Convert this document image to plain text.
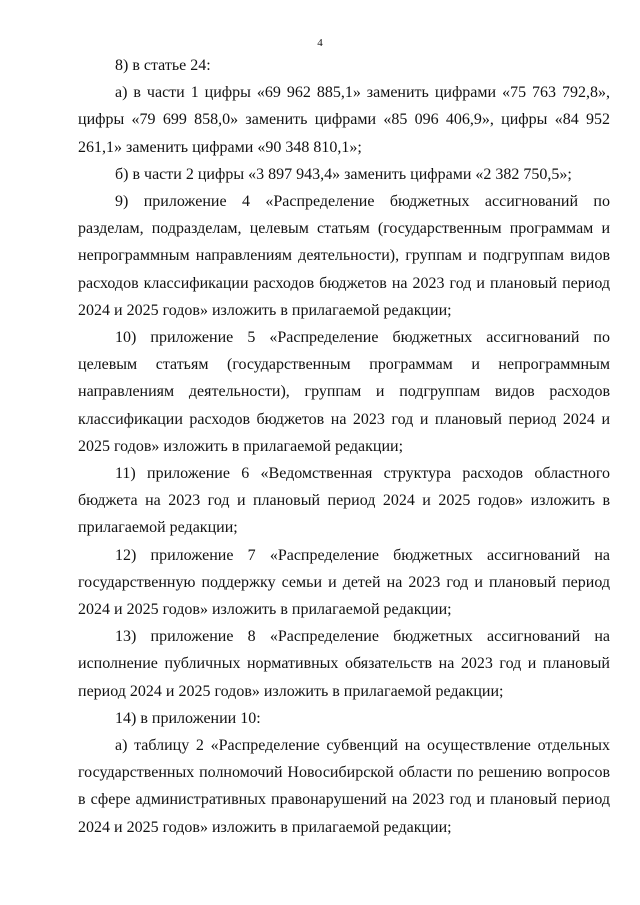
4

8) в статье 24:

а) в части 1 цифры «69 962 885,1» заменить цифрами «75 763 792,8», цифры «79 699 858,0» заменить цифрами «85 096 406,9», цифры «84 952 261,1» заменить цифрами «90 348 810,1»;

б) в части 2 цифры «3 897 943,4» заменить цифрами «2 382 750,5»;

9) приложение 4 «Распределение бюджетных ассигнований по разделам, подразделам, целевым статьям (государственным программам и непрограммным направлениям деятельности), группам и подгруппам видов расходов классификации расходов бюджетов на 2023 год и плановый период 2024 и 2025 годов» изложить в прилагаемой редакции;

10) приложение 5 «Распределение бюджетных ассигнований по целевым статьям (государственным программам и непрограммным направлениям деятельности), группам и подгруппам видов расходов классификации расходов бюджетов на 2023 год и плановый период 2024 и 2025 годов» изложить в прилагаемой редакции;

11) приложение 6 «Ведомственная структура расходов областного бюджета на 2023 год и плановый период 2024 и 2025 годов» изложить в прилагаемой редакции;

12) приложение 7 «Распределение бюджетных ассигнований на государственную поддержку семьи и детей на 2023 год и плановый период 2024 и 2025 годов» изложить в прилагаемой редакции;

13) приложение 8 «Распределение бюджетных ассигнований на исполнение публичных нормативных обязательств на 2023 год и плановый период 2024 и 2025 годов» изложить в прилагаемой редакции;

14) в приложении 10:

а) таблицу 2 «Распределение субвенций на осуществление отдельных государственных полномочий Новосибирской области по решению вопросов в сфере административных правонарушений на 2023 год и плановый период 2024 и 2025 годов» изложить в прилагаемой редакции;
